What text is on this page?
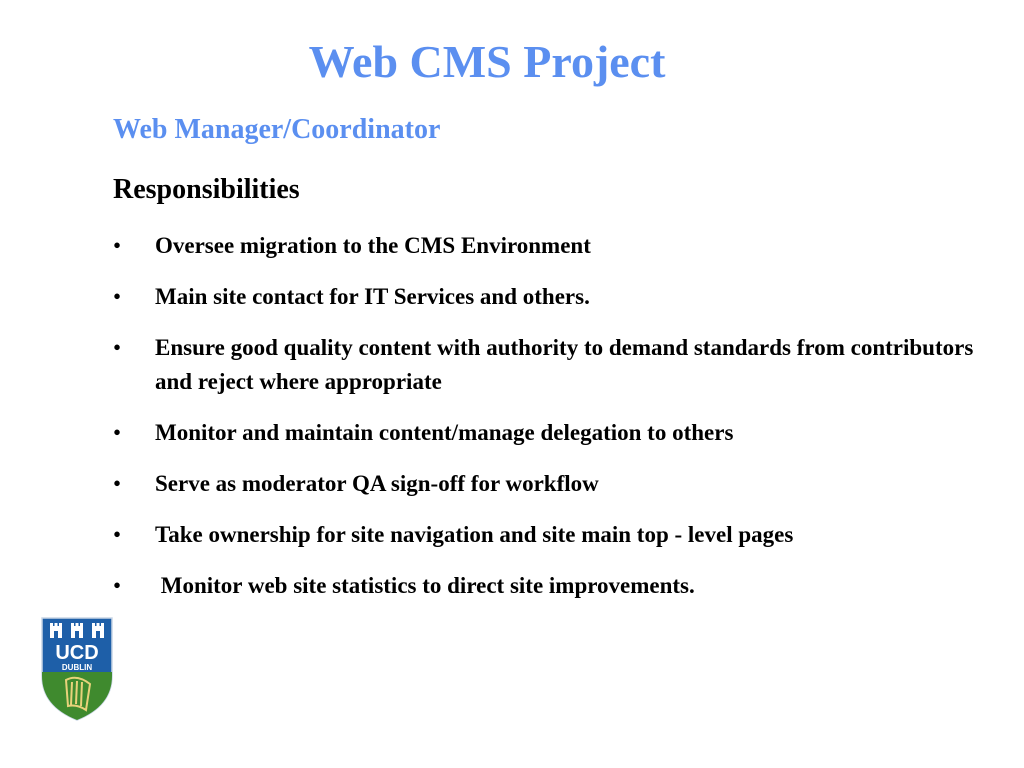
Web CMS Project
Web Manager/Coordinator
Responsibilities
•	Oversee migration to the CMS Environment
•	Main site contact for IT Services and others.
•	Ensure good quality content with authority to demand standards from contributors and reject where appropriate
•	Monitor and maintain content/manage delegation to others
•	Serve as moderator QA sign-off for workflow
•	Take ownership for site navigation and site main top - level pages
•	Monitor web site statistics to direct site improvements.
UCD
DUBLIN
